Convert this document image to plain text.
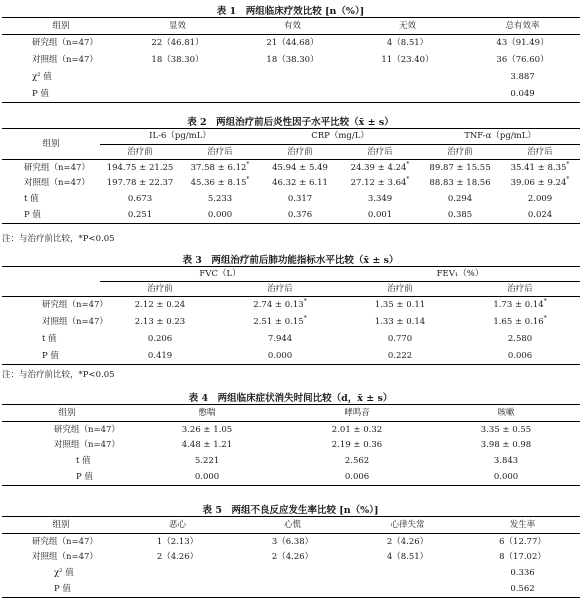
表 1　两组临床疗效比较 [n（%）]
组别	显效	有效	无效	总有效率
研究组（n=47）	22（46.81）	21（44.68）	4（8.51）	43（91.49）
对照组（n=47）	18（38.30）	18（38.30）	11（23.40）	36（76.60）
χ² 值				3.887
P 值				0.049
表 2　两组治疗前后炎性因子水平比较（x̄ ± s）
组别	IL-6（pg/mL）		CRP（mg/L）		TNF-α（pg/mL）	
	治疗前	治疗后	治疗前	治疗后	治疗前	治疗后
研究组（n=47）	194.75 ± 21.25	37.58 ± 6.12*	45.94 ± 5.49	24.39 ± 4.24*	89.87 ± 15.55	35.41 ± 8.35*
对照组（n=47）	197.78 ± 22.37	45.36 ± 8.15*	46.32 ± 6.11	27.12 ± 3.64*	88.83 ± 18.56	39.06 ± 9.24*
t 值	0.673	5.233	0.317	3.349	0.294	2.009
P 值	0.251	0.000	0.376	0.001	0.385	0.024
注：与治疗前比较，*P<0.05
表 3　两组治疗前后肺功能指标水平比较（x̄ ± s）
	FVC（L）		FEV₁（%）	
	治疗前	治疗后	治疗前	治疗后
研究组（n=47）	2.12 ± 0.24	2.74 ± 0.13*	1.35 ± 0.11	1.73 ± 0.14*
对照组（n=47）	2.13 ± 0.23	2.51 ± 0.15*	1.33 ± 0.14	1.65 ± 0.16*
t 值	0.206	7.944	0.770	2.580
P 值	0.419	0.000	0.222	0.006
注：与治疗前比较，*P<0.05
表 4　两组临床症状消失时间比较（d，x̄ ± s）
组别	憋喘	哮鸣音	咳嗽
研究组（n=47）	3.26 ± 1.05	2.01 ± 0.32	3.35 ± 0.55
对照组（n=47）	4.48 ± 1.21	2.19 ± 0.36	3.98 ± 0.98
t 值	5.221	2.562	3.843
P 值	0.000	0.006	0.000
表 5　两组不良反应发生率比较 [n（%）]
组别	恶心	心慌	心律失常	发生率
研究组（n=47）	1（2.13）	3（6.38）	2（4.26）	6（12.77）
对照组（n=47）	2（4.26）	2（4.26）	4（8.51）	8（17.02）
χ² 值				0.336
P 值				0.562
